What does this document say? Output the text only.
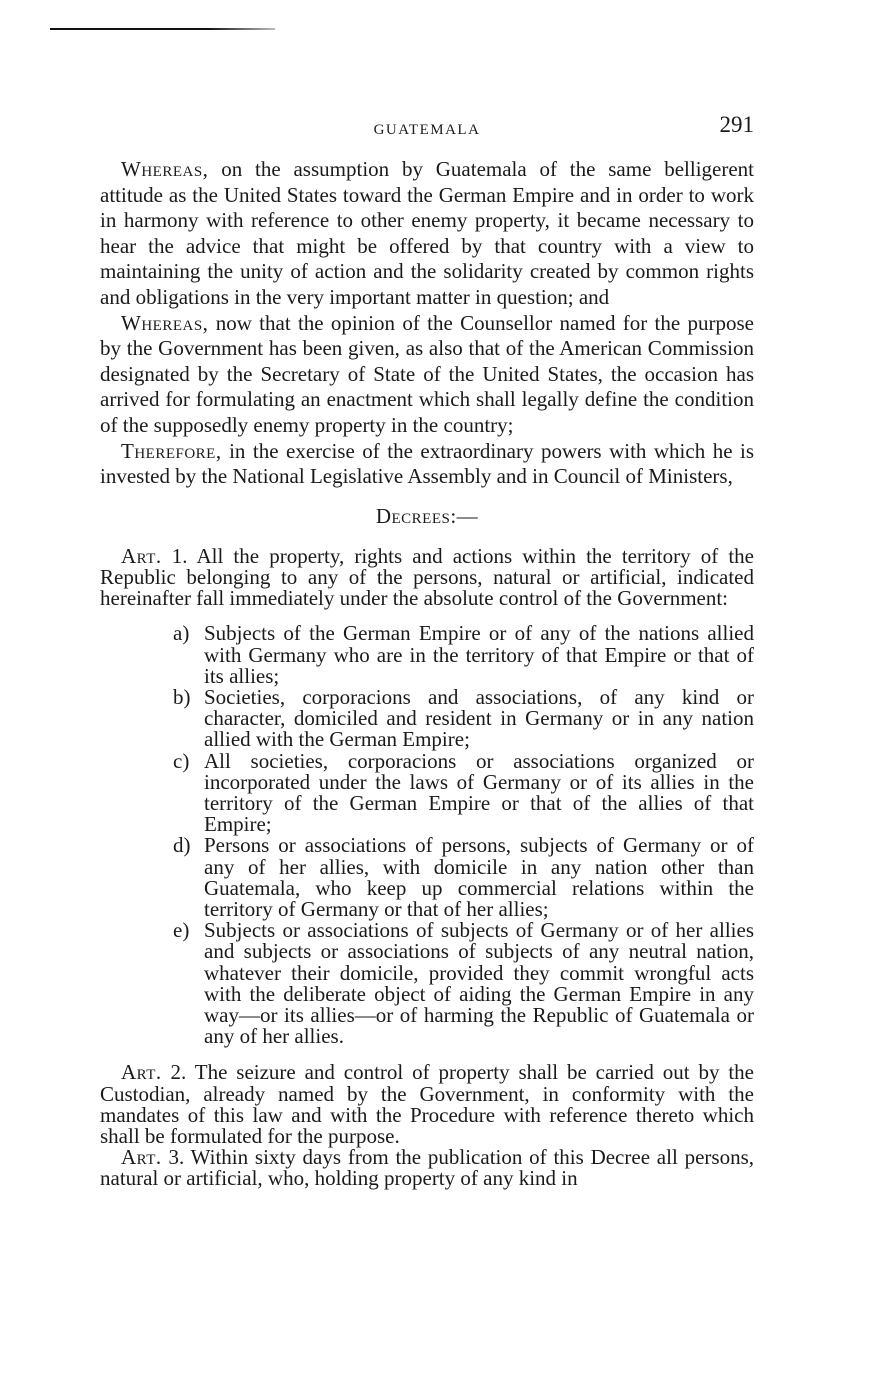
GUATEMALA	291

Whereas, on the assumption by Guatemala of the same belligerent attitude as the United States toward the German Empire and in order to work in harmony with reference to other enemy property, it became necessary to hear the advice that might be offered by that country with a view to maintaining the unity of action and the solidarity created by common rights and obligations in the very important matter in question; and

Whereas, now that the opinion of the Counsellor named for the purpose by the Government has been given, as also that of the American Commission designated by the Secretary of State of the United States, the occasion has arrived for formulating an enactment which shall legally define the condition of the supposedly enemy property in the country;

Therefore, in the exercise of the extraordinary powers with which he is invested by the National Legislative Assembly and in Council of Ministers,

Decrees:—

Art. 1. All the property, rights and actions within the territory of the Republic belonging to any of the persons, natural or artificial, indicated hereinafter fall immediately under the absolute control of the Government:

a) Subjects of the German Empire or of any of the nations allied with Germany who are in the territory of that Empire or that of its allies;
b) Societies, corporacions and associations, of any kind or character, domiciled and resident in Germany or in any nation allied with the German Empire;
c) All societies, corporacions or associations organized or incorporated under the laws of Germany or of its allies in the territory of the German Empire or that of the allies of that Empire;
d) Persons or associations of persons, subjects of Germany or of any of her allies, with domicile in any nation other than Guatemala, who keep up commercial relations within the territory of Germany or that of her allies;
e) Subjects or associations of subjects of Germany or of her allies and subjects or associations of subjects of any neutral nation, whatever their domicile, provided they commit wrongful acts with the deliberate object of aiding the German Empire in any way—or its allies—or of harming the Republic of Guatemala or any of her allies.

Art. 2. The seizure and control of property shall be carried out by the Custodian, already named by the Government, in conformity with the mandates of this law and with the Procedure with reference thereto which shall be formulated for the purpose.

Art. 3. Within sixty days from the publication of this Decree all persons, natural or artificial, who, holding property of any kind in
